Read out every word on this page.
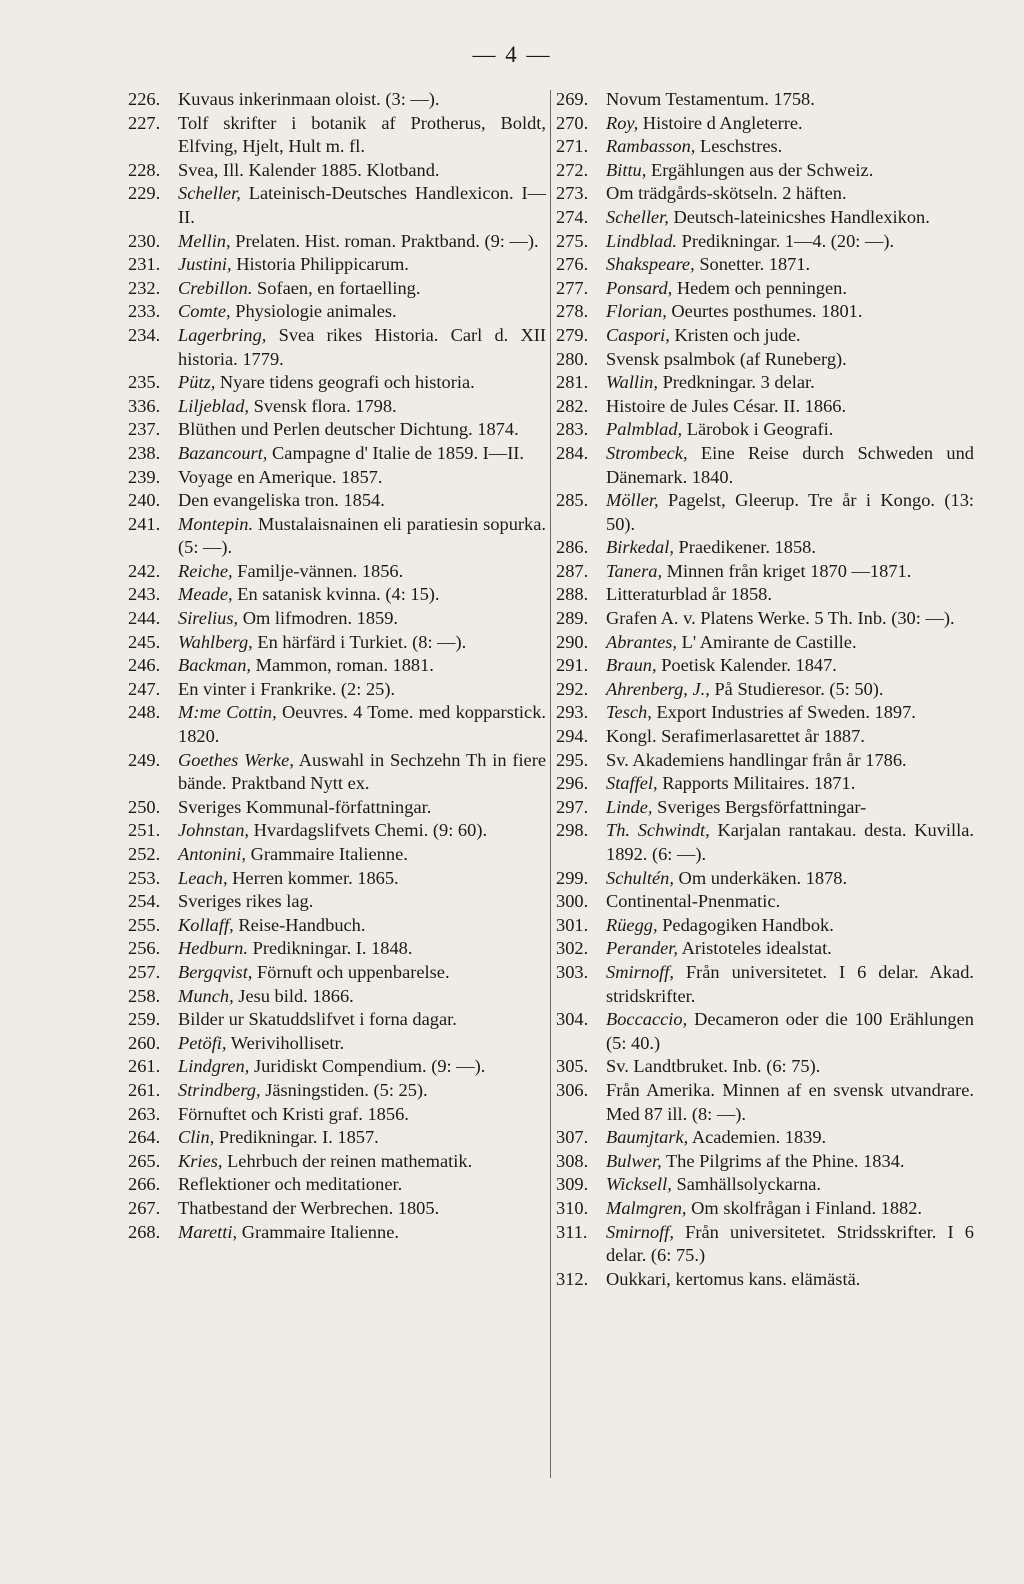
— 4 —
226. Kuvaus inkerinmaan oloist. (3: —).
227. Tolf skrifter i botanik af Protherus, Boldt, Elfving, Hjelt, Hult m. fl.
228. Svea, Ill. Kalender 1885. Klotband.
229. Scheller, Lateinisch-Deutsches Handlexicon. I—II.
230. Mellin, Prelaten. Hist. roman. Praktband. (9: —).
231. Justini, Historia Philippicarum.
232. Crebillon. Sofaen, en fortaelling.
233. Comte, Physiologie animales.
234. Lagerbring, Svea rikes Historia. Carl d. XII historia. 1779.
235. Pütz, Nyare tidens geografi och historia.
336. Liljeblad, Svensk flora. 1798.
237. Blüthen und Perlen deutscher Dichtung. 1874.
238. Bazancourt, Campagne d' Italie de 1859. I—II.
239. Voyage en Amerique. 1857.
240. Den evangeliska tron. 1854.
241. Montepin. Mustalaisnainen eli paratiesin sopurka. (5: —).
242. Reiche, Familje-vännen. 1856.
243. Meade, En satanisk kvinna. (4: 15).
244. Sirelius, Om lifmodren. 1859.
245. Wahlberg, En härfärd i Turkiet. (8: —).
246. Backman, Mammon, roman. 1881.
247. En vinter i Frankrike. (2: 25).
248. M:me Cottin, Oeuvres. 4 Tome. med kopparstick. 1820.
249. Goethes Werke, Auswahl in Sechzehn Th in fiere bände. Praktband Nytt ex.
250. Sveriges Kommunal-författningar.
251. Johnstan, Hvardagslifvets Chemi. (9: 60).
252. Antonini, Grammaire Italienne.
253. Leach, Herren kommer. 1865.
254. Sveriges rikes lag.
255. Kollaff, Reise-Handbuch.
256. Hedburn. Predikningar. I. 1848.
257. Bergqvist, Förnuft och uppenbarelse.
258. Munch, Jesu bild. 1866.
259. Bilder ur Skatuddslifvet i forna dagar.
260. Petöfi, Werivihollisetr.
261. Lindgren, Juridiskt Compendium. (9: —).
261. Strindberg, Jäsningstiden. (5: 25).
263. Förnuftet och Kristi graf. 1856.
264. Clin, Predikningar. I. 1857.
265. Kries, Lehrbuch der reinen mathematik.
266. Reflektioner och meditationer.
267. Thatbestand der Werbrechen. 1805.
268. Maretti, Grammaire Italienne.
269. Novum Testamentum. 1758.
270. Roy, Histoire d Angleterre.
271. Rambasson, Leschstres.
272. Bittu, Ergählungen aus der Schweiz.
273. Om trädgårds-skötseln. 2 häften.
274. Scheller, Deutsch-lateinicshes Handlexikon.
275. Lindblad. Predikningar. 1—4. (20: —).
276. Shakspeare, Sonetter. 1871.
277. Ponsard, Hedem och penningen.
278. Florian, Oeurtes posthumes. 1801.
279. Caspori, Kristen och jude.
280. Svensk psalmbok (af Runeberg).
281. Wallin, Predkningar. 3 delar.
282. Histoire de Jules César. II. 1866.
283. Palmblad, Lärobok i Geografi.
284. Strombeck, Eine Reise durch Schweden und Dänemark. 1840.
285. Möller, Pagelst, Gleerup. Tre år i Kongo. (13: 50).
286. Birkedal, Praedikener. 1858.
287. Tanera, Minnen från kriget 1870 —1871.
288. Litteraturblad år 1858.
289. Grafen A. v. Platens Werke. 5 Th. Inb. (30: —).
290. Abrantes, L' Amirante de Castille.
291. Braun, Poetisk Kalender. 1847.
292. Ahrenberg, J., På Studieresor. (5: 50).
293. Tesch, Export Industries af Sweden. 1897.
294. Kongl. Serafimerlasarettet år 1887.
295. Sv. Akademiens handlingar från år 1786.
296. Staffel, Rapports Militaires. 1871.
297. Linde, Sveriges Bergsförfattningar-
298. Th. Schwindt, Karjalan rantakau. desta. Kuvilla. 1892. (6: —).
299. Schultén, Om underkäken. 1878.
300. Continental-Pnenmatic.
301. Rüegg, Pedagogiken Handbok.
302. Perander, Aristoteles idealstat.
303. Smirnoff, Från universitetet. I 6 delar. Akad. stridskrifter.
304. Boccaccio, Decameron oder die 100 Erählungen (5: 40.)
305. Sv. Landtbruket. Inb. (6: 75).
306. Från Amerika. Minnen af en svensk utvandrare. Med 87 ill. (8: —).
307. Baumjtark, Academien. 1839.
308. Bulwer, The Pilgrims af the Phine. 1834.
309. Wicksell, Samhällsolyckarna.
310. Malmgren, Om skolfrågan i Finland. 1882.
311.	Smirnoff, Från universitetet. Stridsskrifter. I 6 delar. (6: 75.)
312. Oukkari, kertomus kans. elämästä.
